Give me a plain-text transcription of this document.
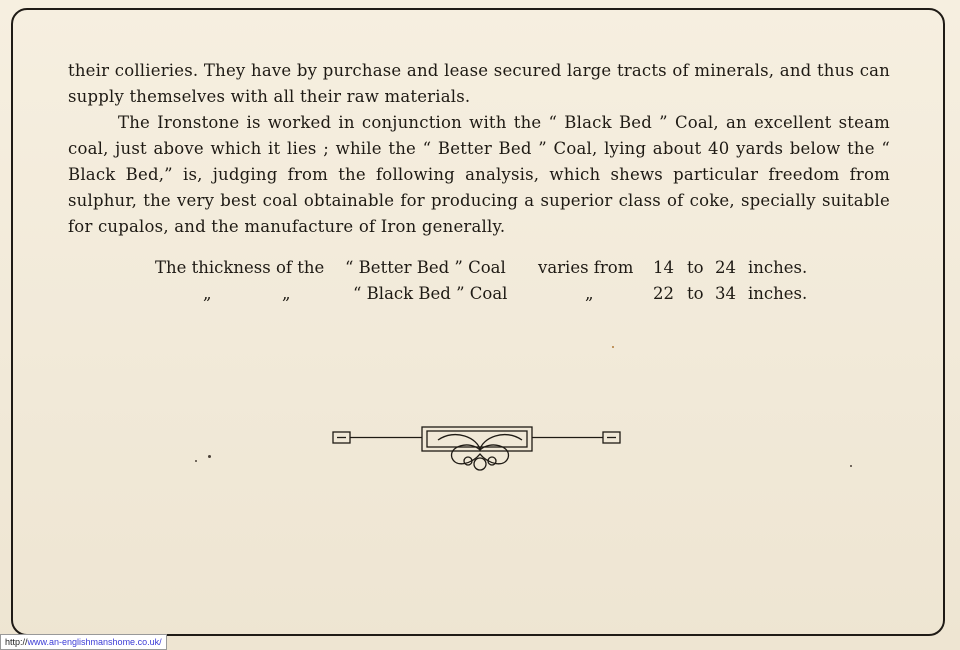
their collieries. They have by purchase and lease secured large tracts of minerals, and thus can supply themselves with all their raw materials.

The Ironstone is worked in conjunction with the “ Black Bed ” Coal, an excellent steam coal, just above which it lies ; while the “ Better Bed ” Coal, lying about 40 yards below the “ Black Bed,” is, judging from the following analysis, which shews particular freedom from sulphur, the very best coal obtainable for producing a superior class of coke, specially suitable for cupalos, and the manufacture of Iron generally.

The thickness of the “ Better Bed ” Coal varies from 14 to 24 inches.
„	„	“ Black Bed ” Coal	„	22 to 34 inches.
http://www.an-englishmanshome.co.uk/
